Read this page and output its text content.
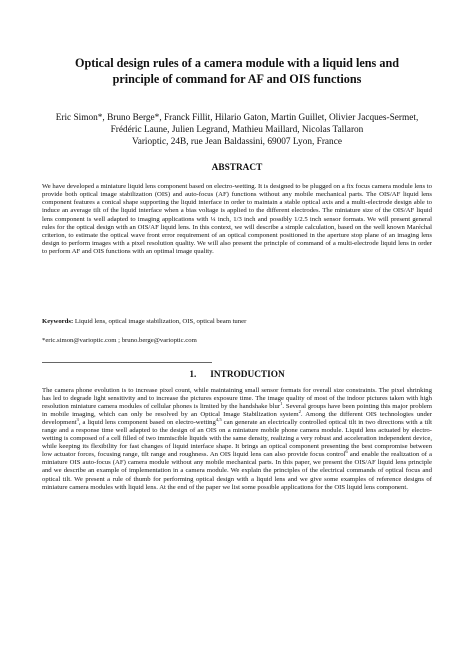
Optical design rules of a camera module with a liquid lens and
principle of command for AF and OIS functions
Eric Simon*, Bruno Berge*, Franck Fillit, Hilario Gaton, Martin Guillet, Olivier Jacques-Sermet,
Frédéric Laune, Julien Legrand, Mathieu Maillard, Nicolas Tallaron
Varioptic, 24B, rue Jean Baldassini, 69007 Lyon, France
ABSTRACT

We have developed a miniature liquid lens component based on electro-wetting. It is designed to be plugged on a fix focus camera module lens to provide both optical image stabilization (OIS) and auto-focus (AF) functions without any mobile mechanical parts. The OIS/AF liquid lens component features a conical shape supporting the liquid interface in order to maintain a stable optical axis and a multi-electrode design able to induce an average tilt of the liquid interface when a bias voltage is applied to the different electrodes. The miniature size of the OIS/AF liquid lens component is well adapted to imaging applications with ¼ inch, 1/3 inch and possibly 1/2.5 inch sensor formats. We will present general rules for the optical design with an OIS/AF liquid lens. In this context, we will describe a simple calculation, based on the well known Maréchal criterion, to estimate the optical wave front error requirement of an optical component positioned in the aperture stop plane of an imaging lens design to perform images with a pixel resolution quality. We will also present the principle of command of a multi-electrode liquid lens in order to perform AF and OIS functions with an optimal image quality.

Keywords: Liquid lens, optical image stabilization, OIS, optical beam tuner
*eric.simon@varioptic.com ; bruno.berge@varioptic.com
1. INTRODUCTION

The camera phone evolution is to increase pixel count, while maintaining small sensor formats for overall size constraints. The pixel shrinking has led to degrade light sensitivity and to increase the pictures exposure time. The image quality of most of the indoor pictures taken with high resolution miniature camera modules of cellular phones is limited by the handshake blur$^1$. Several groups have been pointing this major problem in mobile imaging, which can only be resolved by an Optical Image Stabilization system$^2$. Among the different OIS technologies under development$^3$, a liquid lens component based on electro-wetting$^{4,5}$ can generate an electrically controlled optical tilt in two directions with a tilt range and a response time well adapted to the design of an OIS on a miniature mobile phone camera module. Liquid lens actuated by electro-wetting is composed of a cell filled of two immiscible liquids with the same density, realizing a very robust and acceleration independent device, while keeping its flexibility for fast changes of liquid interface shape. It brings an optical component presenting the best compromise between low actuator forces, focusing range, tilt range and roughness. An OIS liquid lens can also provide focus control$^6$ and enable the realization of a miniature OIS auto-focus (AF) camera module without any mobile mechanical parts. In this paper, we present the OIS/AF liquid lens principle and we describe an example of implementation in a camera module. We explain the principles of the electrical commands of optical focus and optical tilt. We present a rule of thumb for performing optical design with a liquid lens and we give some examples of reference designs of miniature camera modules with liquid lens. At the end of the paper we list some possible applications for the OIS liquid lens component.
